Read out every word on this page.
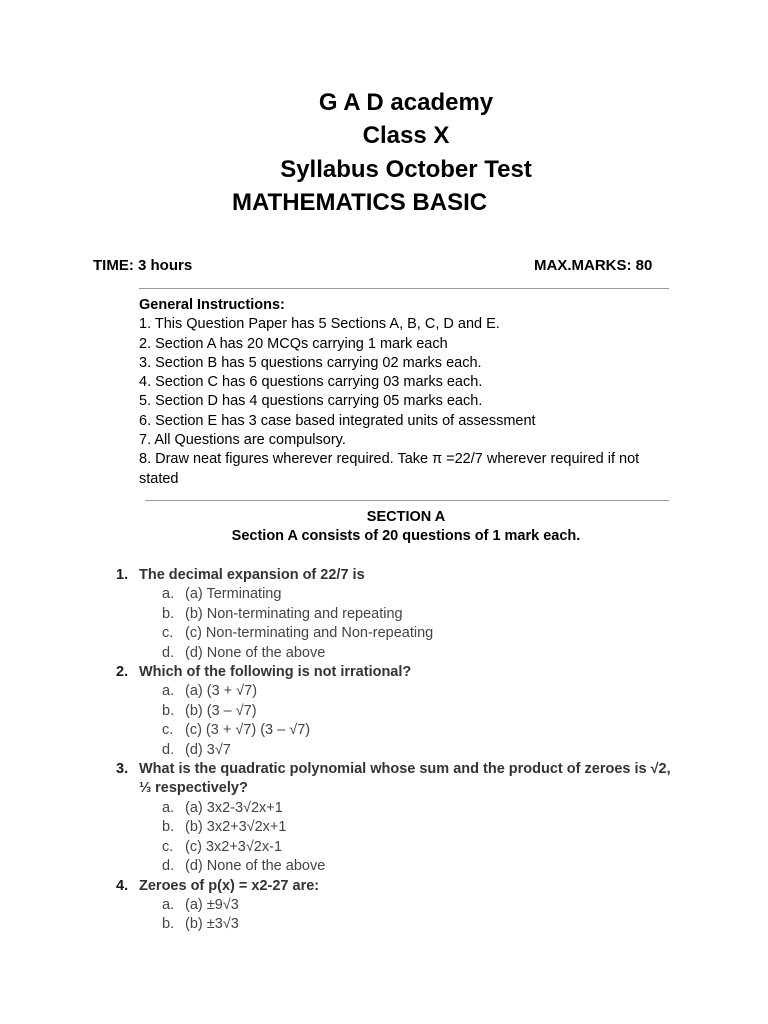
G A D academy
Class X
Syllabus October Test
MATHEMATICS BASIC
TIME: 3 hours	MAX.MARKS: 80
General Instructions:
1. This Question Paper has 5 Sections A, B, C, D and E.
2. Section A has 20 MCQs carrying 1 mark each
3. Section B has 5 questions carrying 02 marks each.
4. Section C has 6 questions carrying 03 marks each.
5. Section D has 4 questions carrying 05 marks each.
6. Section E has 3 case based integrated units of assessment
7. All Questions are compulsory.
8. Draw neat figures wherever required. Take π =22/7 wherever required if not stated
SECTION A
Section A consists of 20 questions of 1 mark each.
1. The decimal expansion of 22/7 is
a. (a) Terminating
b. (b) Non-terminating and repeating
c. (c) Non-terminating and Non-repeating
d. (d) None of the above
2. Which of the following is not irrational?
a. (a) (3 + √7)
b. (b) (3 – √7)
c. (c) (3 + √7) (3 – √7)
d. (d) 3√7
3. What is the quadratic polynomial whose sum and the product of zeroes is √2, ⅓ respectively?
a. (a) 3x2-3√2x+1
b. (b) 3x2+3√2x+1
c. (c) 3x2+3√2x-1
d. (d) None of the above
4. Zeroes of p(x) = x2-27 are:
a. (a) ±9√3
b. (b) ±3√3
